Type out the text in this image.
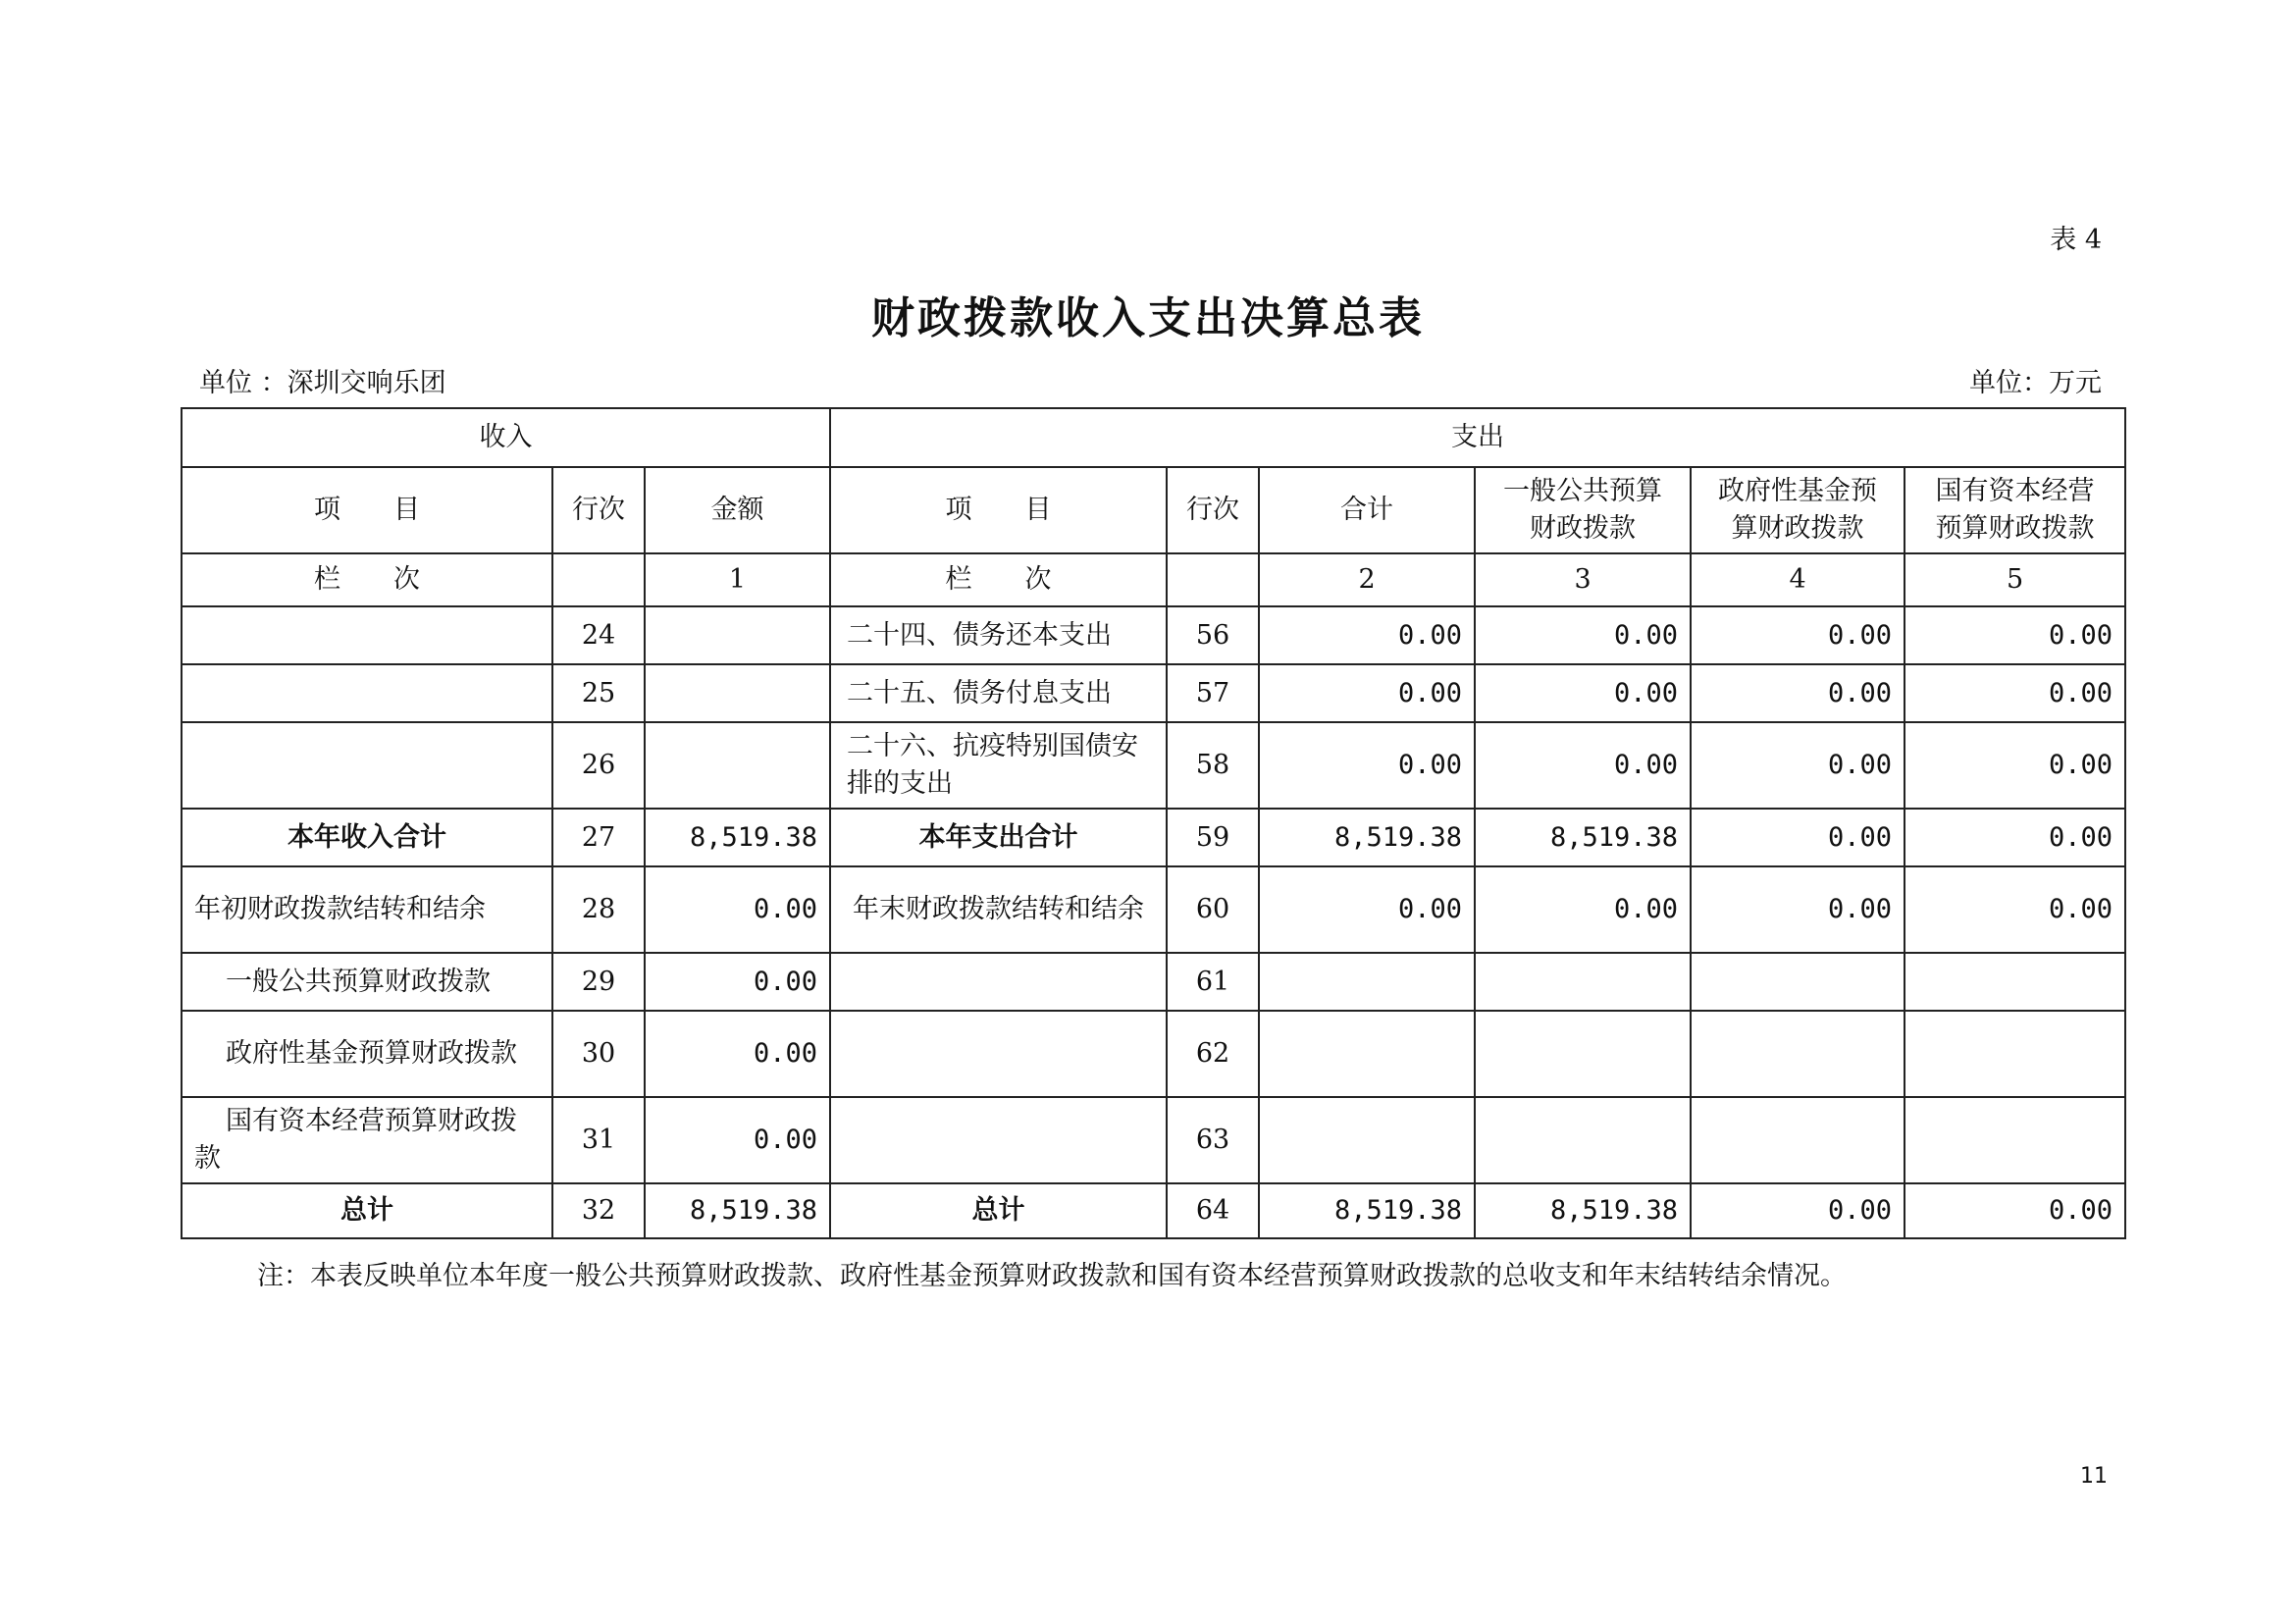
表 4
财政拨款收入支出决算总表
单位 ：深圳交响乐团	单位：万元
收入			支出					
项　　目	行次	金额	项　　目	行次	合计	一般公共预算财政拨款	政府性基金预算财政拨款	国有资本经营预算财政拨款
栏　　次		1	栏　　次		2	3	4	5
	24		二十四、债务还本支出	56	0.00	0.00	0.00	0.00
	25		二十五、债务付息支出	57	0.00	0.00	0.00	0.00
	26		二十六、抗疫特别国债安排的支出	58	0.00	0.00	0.00	0.00
本年收入合计	27	8,519.38	本年支出合计	59	8,519.38	8,519.38	0.00	0.00
年初财政拨款结转和结余	28	0.00	年末财政拨款结转和结余	60	0.00	0.00	0.00	0.00
一般公共预算财政拨款	29	0.00		61				
政府性基金预算财政拨款	30	0.00		62				
国有资本经营预算财政拨款	31	0.00		63				
总计	32	8,519.38	总计	64	8,519.38	8,519.38	0.00	0.00
注：本表反映单位本年度一般公共预算财政拨款、政府性基金预算财政拨款和国有资本经营预算财政拨款的总收支和年末结转结余情况。
11
